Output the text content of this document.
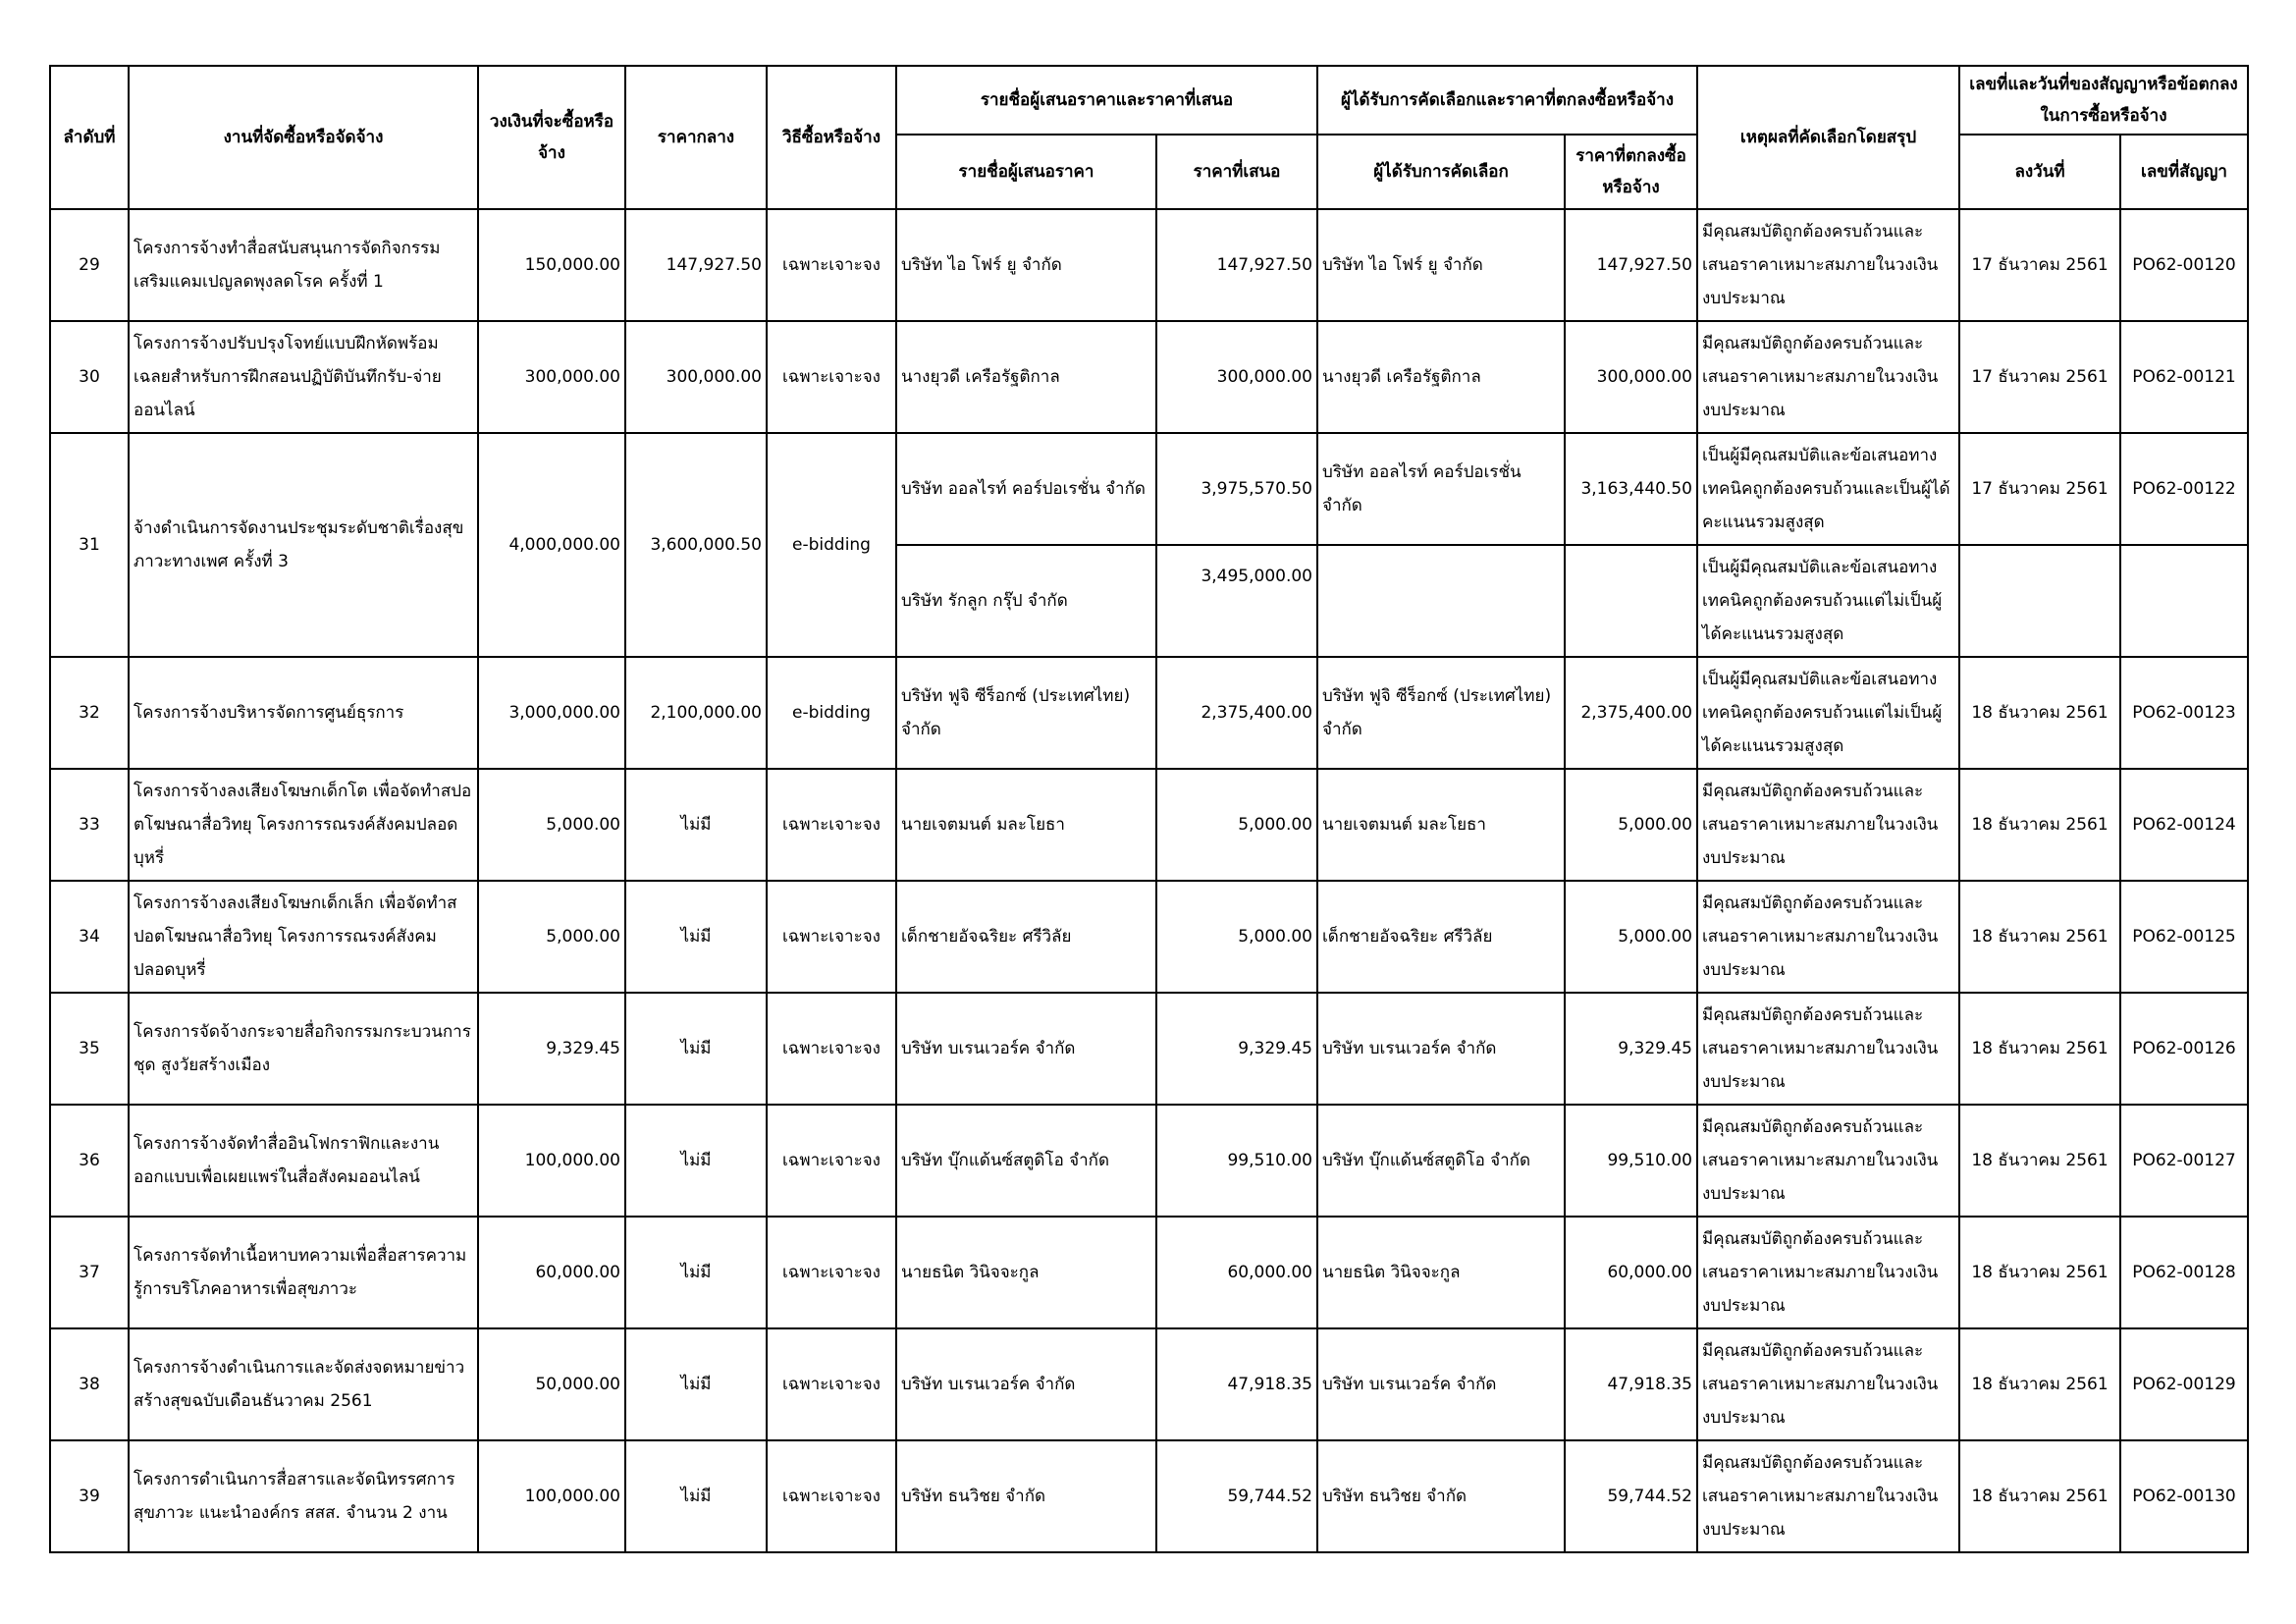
ลำดับที่	งานที่จัดซื้อหรือจัดจ้าง	วงเงินที่จะซื้อหรือจ้าง	ราคากลาง	วิธีซื้อหรือจ้าง	รายชื่อผู้เสนอราคาและราคาที่เสนอ		ผู้ได้รับการคัดเลือกและราคาที่ตกลงซื้อหรือจ้าง		เหตุผลที่คัดเลือกโดยสรุป	เลขที่และวันที่ของสัญญาหรือข้อตกลงในการซื้อหรือจ้าง	
					รายชื่อผู้เสนอราคา	ราคาที่เสนอ	ผู้ได้รับการคัดเลือก	ราคาที่ตกลงซื้อหรือจ้าง		ลงวันที่	เลขที่สัญญา
29	โครงการจ้างทำสื่อสนับสนุนการจัดกิจกรรมเสริมแคมเปญลดพุงลดโรค ครั้งที่ 1	150,000.00	147,927.50	เฉพาะเจาะจง	บริษัท ไอ โฟร์ ยู จำกัด	147,927.50	บริษัท ไอ โฟร์ ยู จำกัด	147,927.50	มีคุณสมบัติถูกต้องครบถ้วนและเสนอราคาเหมาะสมภายในวงเงินงบประมาณ	17 ธันวาคม 2561	PO62-00120
30	โครงการจ้างปรับปรุงโจทย์แบบฝึกหัดพร้อมเฉลยสำหรับการฝึกสอนปฏิบัติบันทึกรับ-จ่ายออนไลน์	300,000.00	300,000.00	เฉพาะเจาะจง	นางยุวดี เครือรัฐติกาล	300,000.00	นางยุวดี เครือรัฐติกาล	300,000.00	มีคุณสมบัติถูกต้องครบถ้วนและเสนอราคาเหมาะสมภายในวงเงินงบประมาณ	17 ธันวาคม 2561	PO62-00121
31	จ้างดำเนินการจัดงานประชุมระดับชาติเรื่องสุขภาวะทางเพศ ครั้งที่ 3	4,000,000.00	3,600,000.50	e-bidding	บริษัท ออลไรท์ คอร์ปอเรชั่น จำกัด	3,975,570.50	บริษัท ออลไรท์ คอร์ปอเรชั่น จำกัด	3,163,440.50	เป็นผู้มีคุณสมบัติและข้อเสนอทางเทคนิคถูกต้องครบถ้วนและเป็นผู้ได้คะแนนรวมสูงสุด	17 ธันวาคม 2561	PO62-00122
					บริษัท รักลูก กรุ๊ป จำกัด	3,495,000.00			เป็นผู้มีคุณสมบัติและข้อเสนอทางเทคนิคถูกต้องครบถ้วนแต่ไม่เป็นผู้ได้คะแนนรวมสูงสุด		
32	โครงการจ้างบริหารจัดการศูนย์ธุรการ	3,000,000.00	2,100,000.00	e-bidding	บริษัท ฟูจิ ซีร็อกซ์ (ประเทศไทย) จำกัด	2,375,400.00	บริษัท ฟูจิ ซีร็อกซ์ (ประเทศไทย) จำกัด	2,375,400.00	เป็นผู้มีคุณสมบัติและข้อเสนอทางเทคนิคถูกต้องครบถ้วนแต่ไม่เป็นผู้ได้คะแนนรวมสูงสุด	18 ธันวาคม 2561	PO62-00123
33	โครงการจ้างลงเสียงโฆษกเด็กโต เพื่อจัดทำสปอตโฆษณาสื่อวิทยุ โครงการรณรงค์สังคมปลอดบุหรี่	5,000.00	ไม่มี	เฉพาะเจาะจง	นายเจตมนต์ มละโยธา	5,000.00	นายเจตมนต์ มละโยธา	5,000.00	มีคุณสมบัติถูกต้องครบถ้วนและเสนอราคาเหมาะสมภายในวงเงินงบประมาณ	18 ธันวาคม 2561	PO62-00124
34	โครงการจ้างลงเสียงโฆษกเด็กเล็ก เพื่อจัดทำสปอตโฆษณาสื่อวิทยุ โครงการรณรงค์สังคมปลอดบุหรี่	5,000.00	ไม่มี	เฉพาะเจาะจง	เด็กชายอัจฉริยะ ศรีวิลัย	5,000.00	เด็กชายอัจฉริยะ ศรีวิลัย	5,000.00	มีคุณสมบัติถูกต้องครบถ้วนและเสนอราคาเหมาะสมภายในวงเงินงบประมาณ	18 ธันวาคม 2561	PO62-00125
35	โครงการจัดจ้างกระจายสื่อกิจกรรมกระบวนการ ชุด สูงวัยสร้างเมือง	9,329.45	ไม่มี	เฉพาะเจาะจง	บริษัท บเรนเวอร์ค จำกัด	9,329.45	บริษัท บเรนเวอร์ค จำกัด	9,329.45	มีคุณสมบัติถูกต้องครบถ้วนและเสนอราคาเหมาะสมภายในวงเงินงบประมาณ	18 ธันวาคม 2561	PO62-00126
36	โครงการจ้างจัดทำสื่ออินโฟกราฟิกและงานออกแบบเพื่อเผยแพร่ในสื่อสังคมออนไลน์	100,000.00	ไม่มี	เฉพาะเจาะจง	บริษัท บุ๊กแด้นซ์สตูดิโอ จำกัด	99,510.00	บริษัท บุ๊กแด้นซ์สตูดิโอ จำกัด	99,510.00	มีคุณสมบัติถูกต้องครบถ้วนและเสนอราคาเหมาะสมภายในวงเงินงบประมาณ	18 ธันวาคม 2561	PO62-00127
37	โครงการจัดทำเนื้อหาบทความเพื่อสื่อสารความรู้การบริโภคอาหารเพื่อสุขภาวะ	60,000.00	ไม่มี	เฉพาะเจาะจง	นายธนิต วินิจจะกูล	60,000.00	นายธนิต วินิจจะกูล	60,000.00	มีคุณสมบัติถูกต้องครบถ้วนและเสนอราคาเหมาะสมภายในวงเงินงบประมาณ	18 ธันวาคม 2561	PO62-00128
38	โครงการจ้างดำเนินการและจัดส่งจดหมายข่าวสร้างสุขฉบับเดือนธันวาคม 2561	50,000.00	ไม่มี	เฉพาะเจาะจง	บริษัท บเรนเวอร์ค จำกัด	47,918.35	บริษัท บเรนเวอร์ค จำกัด	47,918.35	มีคุณสมบัติถูกต้องครบถ้วนและเสนอราคาเหมาะสมภายในวงเงินงบประมาณ	18 ธันวาคม 2561	PO62-00129
39	โครงการดำเนินการสื่อสารและจัดนิทรรศการสุขภาวะ แนะนำองค์กร สสส. จำนวน 2 งาน	100,000.00	ไม่มี	เฉพาะเจาะจง	บริษัท ธนวิชย จำกัด	59,744.52	บริษัท ธนวิชย จำกัด	59,744.52	มีคุณสมบัติถูกต้องครบถ้วนและเสนอราคาเหมาะสมภายในวงเงินงบประมาณ	18 ธันวาคม 2561	PO62-00130
